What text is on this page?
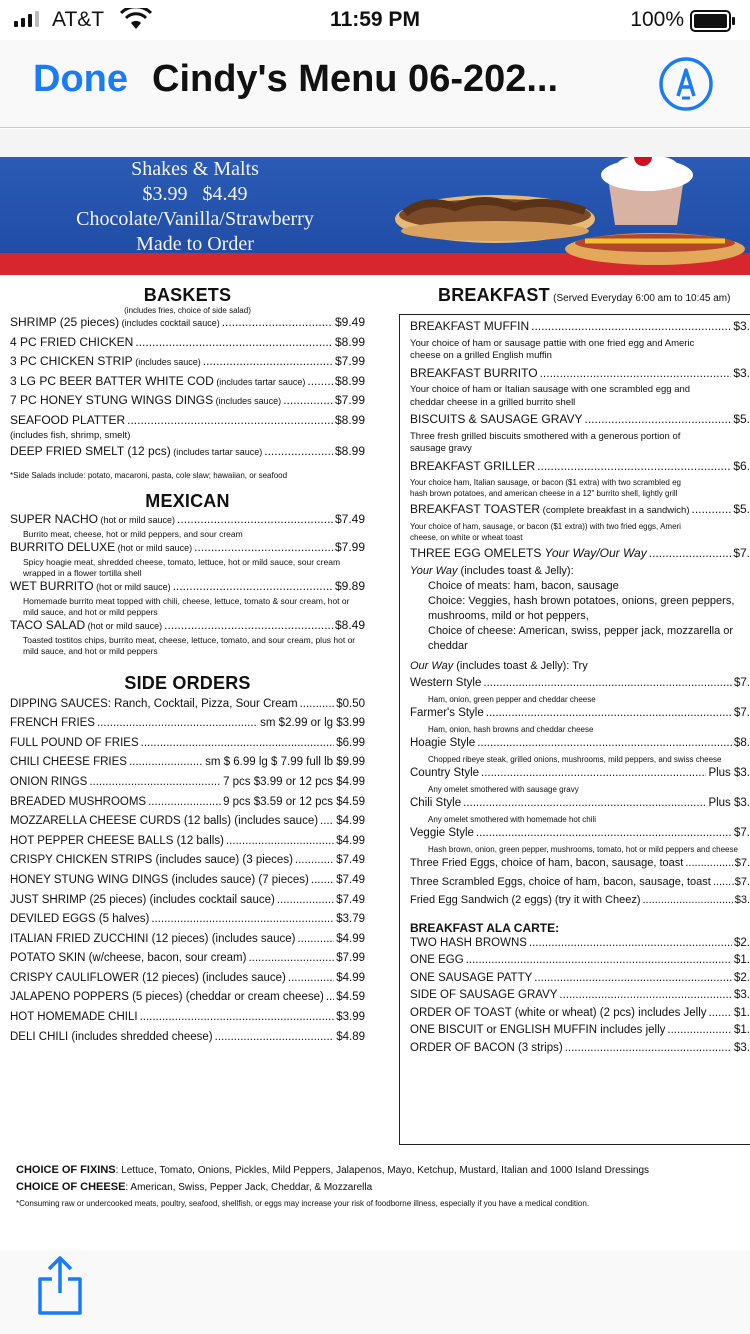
AT&T	11:59 PM	100%
Done Cindy's Menu 06-202...
Shakes & Malts
$3.99   $4.49
Chocolate/Vanilla/Strawberry
Made to Order
BASKETS
(includes fries, choice of side salad)
SHRIMP (25 pieces) (includes cocktail sauce) .....	$9.49
4 PC FRIED CHICKEN .....	$8.99
3 PC CHICKEN STRIP (includes sauce) .....	$7.99
3 LG PC BEER BATTER WHITE COD (includes tartar sauce) ..... $8.99
7 PC HONEY STUNG WINGS DINGS (includes sauce) .....	$7.99
SEAFOOD PLATTER .....	$8.99
(includes fish, shrimp, smelt)
DEEP FRIED SMELT (12 pcs) (includes tartar sauce) .....	$8.99
*Side Salads include: potato, macaroni, pasta, cole slaw; hawaiian, or seafood
MEXICAN
SUPER NACHO (hot or mild sauce) .....	$7.49
Burrito meat, cheese, hot or mild peppers, and sour cream
BURRITO DELUXE (hot or mild sauce) .....	$7.99
Spicy hoagie meat, shredded cheese, tomato, lettuce, hot or mild sauce, sour cream wrapped in a flower tortilla shell
WET BURRITO (hot or mild sauce) .....	$9.89
Homemade burrito meat topped with chili, cheese, lettuce, tomato & sour cream, hot or mild sauce, and hot or mild peppers
TACO SALAD (hot or mild sauce) .....	$8.49
Toasted tostitos chips, burrito meat, cheese, lettuce, tomato, and sour cream, plus hot or mild sauce, and hot or mild peppers
SIDE ORDERS
DIPPING SAUCES: Ranch, Cocktail, Pizza, Sour Cream .....	$0.50
FRENCH FRIES .....	sm $2.99 or lg $3.99
FULL POUND OF FRIES .....	$6.99
CHILI CHEESE FRIES .....	sm $ 6.99 lg $ 7.99 full lb $9.99
ONION RINGS .....	7 pcs $3.99 or 12 pcs $4.99
BREADED MUSHROOMS .....	9 pcs $3.59 or 12 pcs $4.59
MOZZARELLA CHEESE CURDS (12 balls) (includes sauce) ..... $4.99
HOT PEPPER CHEESE BALLS (12 balls) .....	$4.99
CRISPY CHICKEN STRIPS (includes sauce) (3 pieces) .....	$7.49
HONEY STUNG WING DINGS (includes sauce) (7 pieces) ..... $7.49
JUST SHRIMP (25 pieces) (includes cocktail sauce) .....	$7.49
DEVILED EGGS (5 halves) .....	$3.79
ITALIAN FRIED ZUCCHINI (12 pieces) (includes sauce) .....	$4.99
POTATO SKIN (w/cheese, bacon, sour cream) .....	$7.99
CRISPY CAULIFLOWER (12 pieces) (includes sauce) .....	$4.99
JALAPENO POPPERS (5 pieces) (cheddar or cream cheese) ..... $4.59
HOT HOMEMADE CHILI .....	$3.99
DELI CHILI (includes shredded cheese) .....	$4.89
BREAKFAST (Served Everyday 6:00 am to 10:45 am)
BREAKFAST MUFFIN .....	$3.
Your choice of ham or sausage pattie with one fried egg and Americ
cheese on a grilled English muffin
BREAKFAST BURRITO .....	$3.
Your choice of ham or Italian sausage with one scrambled egg and
cheddar cheese in a grilled burrito shell
BISCUITS & SAUSAGE GRAVY .....	$5.
Three fresh grilled biscuits smothered with a generous portion of
sausage gravy
BREAKFAST GRILLER .....	$6.
Your choice ham, Italian sausage, or bacon ($1 extra) with two scrambled eg
hash brown potatoes, and american cheese in a 12" burrito shell, lightly grill
BREAKFAST TOASTER (complete breakfast in a sandwich) .....	$5.
Your choice of ham, sausage, or bacon ($1 extra)) with two fried eggs, Ameri
cheese, on white or wheat toast
THREE EGG OMELETS Your Way/Our Way .....	$7.
Your Way (includes toast & Jelly):
Choice of meats: ham, bacon, sausage
Choice: Veggies, hash brown potatoes, onions, green peppers, mushrooms, mild or hot peppers,
Choice of cheese: American, swiss, pepper jack, mozzarella or cheddar
Our Way (includes toast & Jelly): Try
Western Style .....	$7.
Ham, onion, green pepper and cheddar cheese
Farmer's Style .....	$7.
Ham, onion, hash browns and cheddar cheese
Hoagie Style .....	$8.
Chopped ribeye steak, grilled onions, mushrooms, mild peppers, and swiss cheese
Country Style .....	Plus $3.
Any omelet smothered with sausage gravy
Chili Style .....	Plus $3.
Any omelet smothered with homemade hot chili
Veggie Style .....	$7.
Hash brown, onion, green pepper, mushrooms, tomato, hot or mild peppers and cheese
Three Fried Eggs, choice of ham, bacon, sausage, toast .....	$7.
Three Scrambled Eggs, choice of ham, bacon, sausage, toast ..... .$7.
Fried Egg Sandwich (2 eggs) (try it with Cheez) .....	$3.
BREAKFAST ALA CARTE:
TWO HASH BROWNS .....	$2.
ONE EGG .....	$1.
ONE SAUSAGE PATTY .....	$2.
SIDE OF SAUSAGE GRAVY .....	$3.
ORDER OF TOAST (white or wheat) (2 pcs) includes Jelly ..... $1.
ONE BISCUIT or ENGLISH MUFFIN includes jelly .....	$1.
ORDER OF BACON (3 strips) .....	$3.
CHOICE OF FIXINS: Lettuce, Tomato, Onions, Pickles, Mild Peppers, Jalapenos, Mayo, Ketchup, Mustard, Italian and 1000 Island Dressings
CHOICE OF CHEESE: American, Swiss, Pepper Jack, Cheddar, & Mozzarella
*Consuming raw or undercooked meats, poultry, seafood, shellfish, or eggs may increase your risk of foodborne illness, especially if you have a medical condition.
